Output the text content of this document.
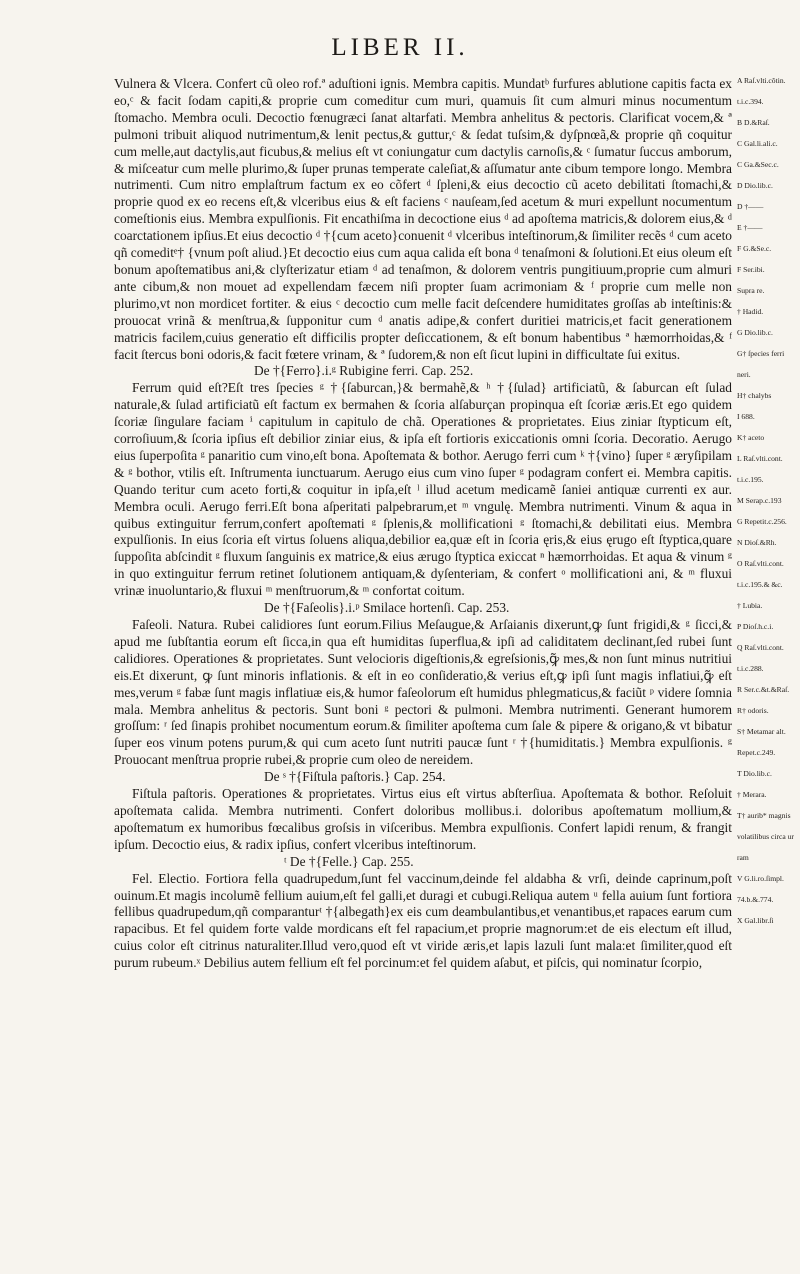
LIBER II.

Vulnera & Vlcera. Confert cũ oleo rof.ª aduſtioni ignis. Membra capitis. Mundatᵇ furfures ablutione capitis facta ex eo,ᶜ & facit ſodam capiti,& proprie cum comeditur cum muri, quamuis ſit cum almuri minus nocumentum ſtomacho. Membra oculi. Decoctio fœnugræci ſanat altarfati. Membra anhelitus & pectoris. Clarificat vocem,& ª pulmoni tribuit aliquod nutrimentum,& lenit pectus,& guttur,ᶜ & ſedat tuſsim,& dyſpnœã,& proprie qñ coquitur cum melle,aut dactylis,aut ficubus,& melius eſt vt coniungatur cum dactylis carnoſis,& ᶜ ſumatur ſuccus amborum, & miſceatur cum melle plurimo,& ſuper prunas temperate caleſiat,& aſſumatur ante cibum tempore longo. Membra nutrimenti. Cum nitro emplaſtrum factum ex eo cõfert ᵈ ſpleni,& eius decoctio cũ aceto debilitati ſtomachi,& proprie quod ex eo recens eſt,& vlceribus eius & eſt faciens ᶜ nauſeam,ſed acetum & muri expellunt nocumentum comeſtionis eius. Membra expulſionis. Fit encathiſma in decoctione eius ᵈ ad apoſtema matricis,& dolorem eius,& ᵈ coarctationem ipſius.Et eius decoctio ᵈ †{cum aceto}conuenit ᵈ vlceribus inteſtinorum,& ſimiliter recẽs ᵈ cum aceto qñ comeditᵉ† {vnum poſt aliud.}Et decoctio eius cum aqua calida eſt bona ᵈ tenaſmoni & ſolutioni.Et eius oleum eſt bonum apoſtematibus ani,& clyſterizatur etiam ᵈ ad tenaſmon, & dolorem ventris pungitiuum,proprie cum almuri ante cibum,& non mouet ad expellendam fæcem niſi propter ſuam acrimoniam & ᶠ proprie cum melle non plurimo,vt non mordicet fortiter. & eius ᶜ decoctio cum melle facit deſcendere humiditates groſſas ab inteſtinis:& prouocat vrinã & menſtrua,& ſupponitur cum ᵈ anatis adipe,& confert duritiei matricis,et facit generationem matricis facilem,cuius generatio eſt difficilis propter deſiccationem, & eſt bonum habentibus ª hæmorrhoidas,& ᶠ facit ſtercus boni odoris,& facit fœtere vrinam, & ª ſudorem,& non eſt ſicut lupini in difficultate ſui exitus.

De †{Ferro}.i.ᵍ Rubigine ferri. Cap. 252.

Ferrum quid eſt?Eſt tres ſpecies ᵍ †{ſaburcan,}& bermahẽ,& ʰ †{ſulad} artificiatũ, & ſaburcan eſt ſulad naturale,& ſulad artificiatũ eſt factum ex bermahen & ſcoria alſaburçan propinqua eſt ſcoriæ æris.Et ego quidem ſcoriæ ſingulare faciam ⁱ capitulum in capitulo de chã. Operationes & proprietates. Eius ziniar ſtypticum eſt, corroſiuum,& ſcoria ipſius eſt debilior ziniar eius, & ipſa eſt fortioris exiccationis omni ſcoria. Decoratio. Aerugo eius ſuperpoſita ᵍ panaritio cum vino,eſt bona. Apoſtemata & bothor. Aerugo ferri cum ᵏ †{vino} ſuper ᵍ æryſipilam & ᵍ bothor, vtilis eſt. Inſtrumenta iunctuarum. Aerugo eius cum vino ſuper ᵍ podagram confert ei. Membra capitis. Quando teritur cum aceto forti,& coquitur in ipſa,eſt ˡ illud acetum medicamẽ ſaniei antiquæ currenti ex aur. Membra oculi. Aerugo ferri.Eſt bona aſperitati palpebrarum,et ᵐ vngulę. Membra nutrimenti. Vinum & aqua in quibus extinguitur ferrum,confert apoſtemati ᵍ ſplenis,& mollificationi ᵍ ſtomachi,& debilitati eius. Membra expulſionis. In eius ſcoria eſt virtus ſoluens aliqua,debilior ea,quæ eſt in ſcoria ęris,& eius ęrugo eſt ſtyptica,quare ſuppoſita abſcindit ᵍ fluxum ſanguinis ex matrice,& eius ærugo ſtyptica exiccat ⁿ hæmorrhoidas. Et aqua & vinum ᵍ in quo extinguitur ferrum retinet ſolutionem antiquam,& dyſenteriam, & confert ᵒ mollificationi ani, & ᵐ fluxui vrinæ inuoluntario,& fluxui ᵐ menſtruorum,& ᵐ confortat coitum.

De †{Faſeolis}.i.ᵖ Smilace hortenſi. Cap. 253.

Faſeoli. Natura. Rubei calidiores ſunt eorum.Filius Meſaugue,& Arſaianis dixerunt,ꝙ ſunt frigidi,& ᵍ ſicci,& apud me ſubſtantia eorum eſt ſicca,in qua eſt humiditas ſuperflua,& ipſi ad caliditatem declinant,ſed rubei ſunt calidiores. Operationes & proprietates. Sunt velocioris digeſtionis,& egreſsionis,ꝙ̃ mes,& non ſunt minus nutritiui eis.Et dixerunt, ꝙ ſunt minoris inflationis. & eſt in eo conſideratio,& verius eſt,ꝙ ipſi ſunt magis inflatiui,ꝙ̃ eſt mes,verum ᵍ fabæ ſunt magis inflatiuæ eis,& humor faſeolorum eſt humidus phlegmaticus,& faciũt ᵖ videre ſomnia mala. Membra anhelitus & pectoris. Sunt boni ᵍ pectori & pulmoni. Membra nutrimenti. Generant humorem groſſum: ʳ ſed ſinapis prohibet nocumentum eorum.& ſimiliter apoſtema cum ſale & pipere & origano,& vt bibatur ſuper eos vinum potens purum,& qui cum aceto ſunt nutriti paucæ ſunt ʳ †{humiditatis.} Membra expulſionis. ᵍ Prouocant menſtrua proprie rubei,& proprie cum oleo de nereidem.

De ˢ †{Fiſtula paſtoris.} Cap. 254.

Fiſtula paſtoris. Operationes & proprietates. Virtus eius eſt virtus abſterſiua. Apoſtemata & bothor. Reſoluit apoſtemata calida. Membra nutrimenti. Confert doloribus mollibus.i. doloribus apoſtematum mollium,& apoſtematum ex humoribus fœcalibus groſsis in viſceribus. Membra expulſionis. Confert lapidi renum, & frangit ipſum. Decoctio eius, & radix ipſius, confert vlceribus inteſtinorum.

ᵗ De †{Felle.} Cap. 255.

Fel. Electio. Fortiora fella quadrupedum,ſunt fel vaccinum,deinde fel aldabha & vrſi, deinde caprinum,poſt ouinum.Et magis incolumẽ fellium auium,eſt fel galli,et duragi et cubugi.Reliqua autem ᵘ fella auium ſunt fortiora fellibus quadrupedum,qñ comparanturᵗ †{albegath}ex eis cum deambulantibus,et venantibus,et rapaces earum cum rapacibus. Et fel quidem forte valde mordicans eſt fel rapacium,et proprie magnorum:et de eis electum eſt illud, cuius color eſt citrinus naturaliter.Illud vero,quod eſt vt viride æris,et lapis lazuli ſunt mala:et ſimiliter,quod eſt purum rubeum.ˣ Debilius autem fellium eſt fel porcinum:et fel quidem aſabut, et piſcis, qui nominatur ſcorpio,

A Raſ.vlti.cõtin.
t.i.c.394.
B D.&Raſ.
C Gal.li.ali.c.
C Ga.&Sec.c.
D Dio.lib.c.
D †——
E †——
F G.&Se.c.
F Ser.ibi.
Supra re.
† Hadid.
G Dio.lib.c.
G† ſpecies ferri
neri.
H† chalybs
I 688.
K† aceto
L Raſ.vlti.cont.
t.i.c.195.
M Serap.c.193
G Repetit.c.256.
N Dioſ.&Rh.
O Raſ.vlti.cont.
t.i.c.195.& &c.
† Lubia.
P Dioſ.h.c.i.
Q Raſ.vlti.cont.
t.i.c.288.
R Ser.c.&t.&Raſ.
R† odoris.
S† Metamar alt.
Repet.c.249.
T Dio.lib.c.
† Merara.
T† aurib* magnis
volatilibus circa ur
ram
V G.li.ro.ſimpl.
74.b.&.774.
X Gal.libr.ſi
